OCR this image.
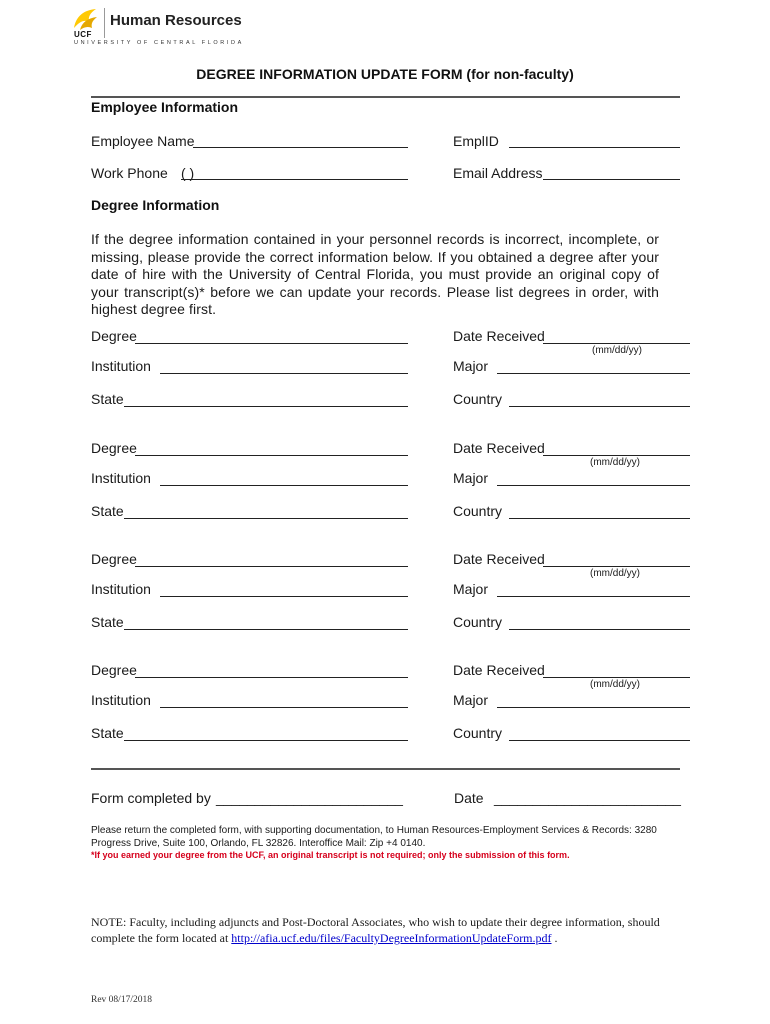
UCF
Human Resources
UNIVERSITY OF CENTRAL FLORIDA
DEGREE INFORMATION UPDATE FORM (for non-faculty)
Employee Information
Employee Name	EmplID
Work Phone ( )	Email Address
Degree Information
If the degree information contained in your personnel records is incorrect, incomplete, or missing, please provide the correct information below. If you obtained a degree after your date of hire with the University of Central Florida, you must provide an original copy of your transcript(s)* before we can update your records. Please list degrees in order, with highest degree first.
Degree	Date Received
(mm/dd/yy)
Institution	Major
State	Country
Degree	Date Received
(mm/dd/yy)
Institution	Major
State	Country
Degree	Date Received
(mm/dd/yy)
Institution	Major
State	Country
Degree	Date Received
(mm/dd/yy)
Institution	Major
State	Country
Form completed by ________________________	Date ________________________
Please return the completed form, with supporting documentation, to Human Resources-Employment Services & Records: 3280 Progress Drive, Suite 100, Orlando, FL 32826. Interoffice Mail: Zip +4 0140.
*If you earned your degree from the UCF, an original transcript is not required; only the submission of this form.
NOTE: Faculty, including adjuncts and Post-Doctoral Associates, who wish to update their degree information, should complete the form located at http://afia.ucf.edu/files/FacultyDegreeInformationUpdateForm.pdf .
Rev 08/17/2018
